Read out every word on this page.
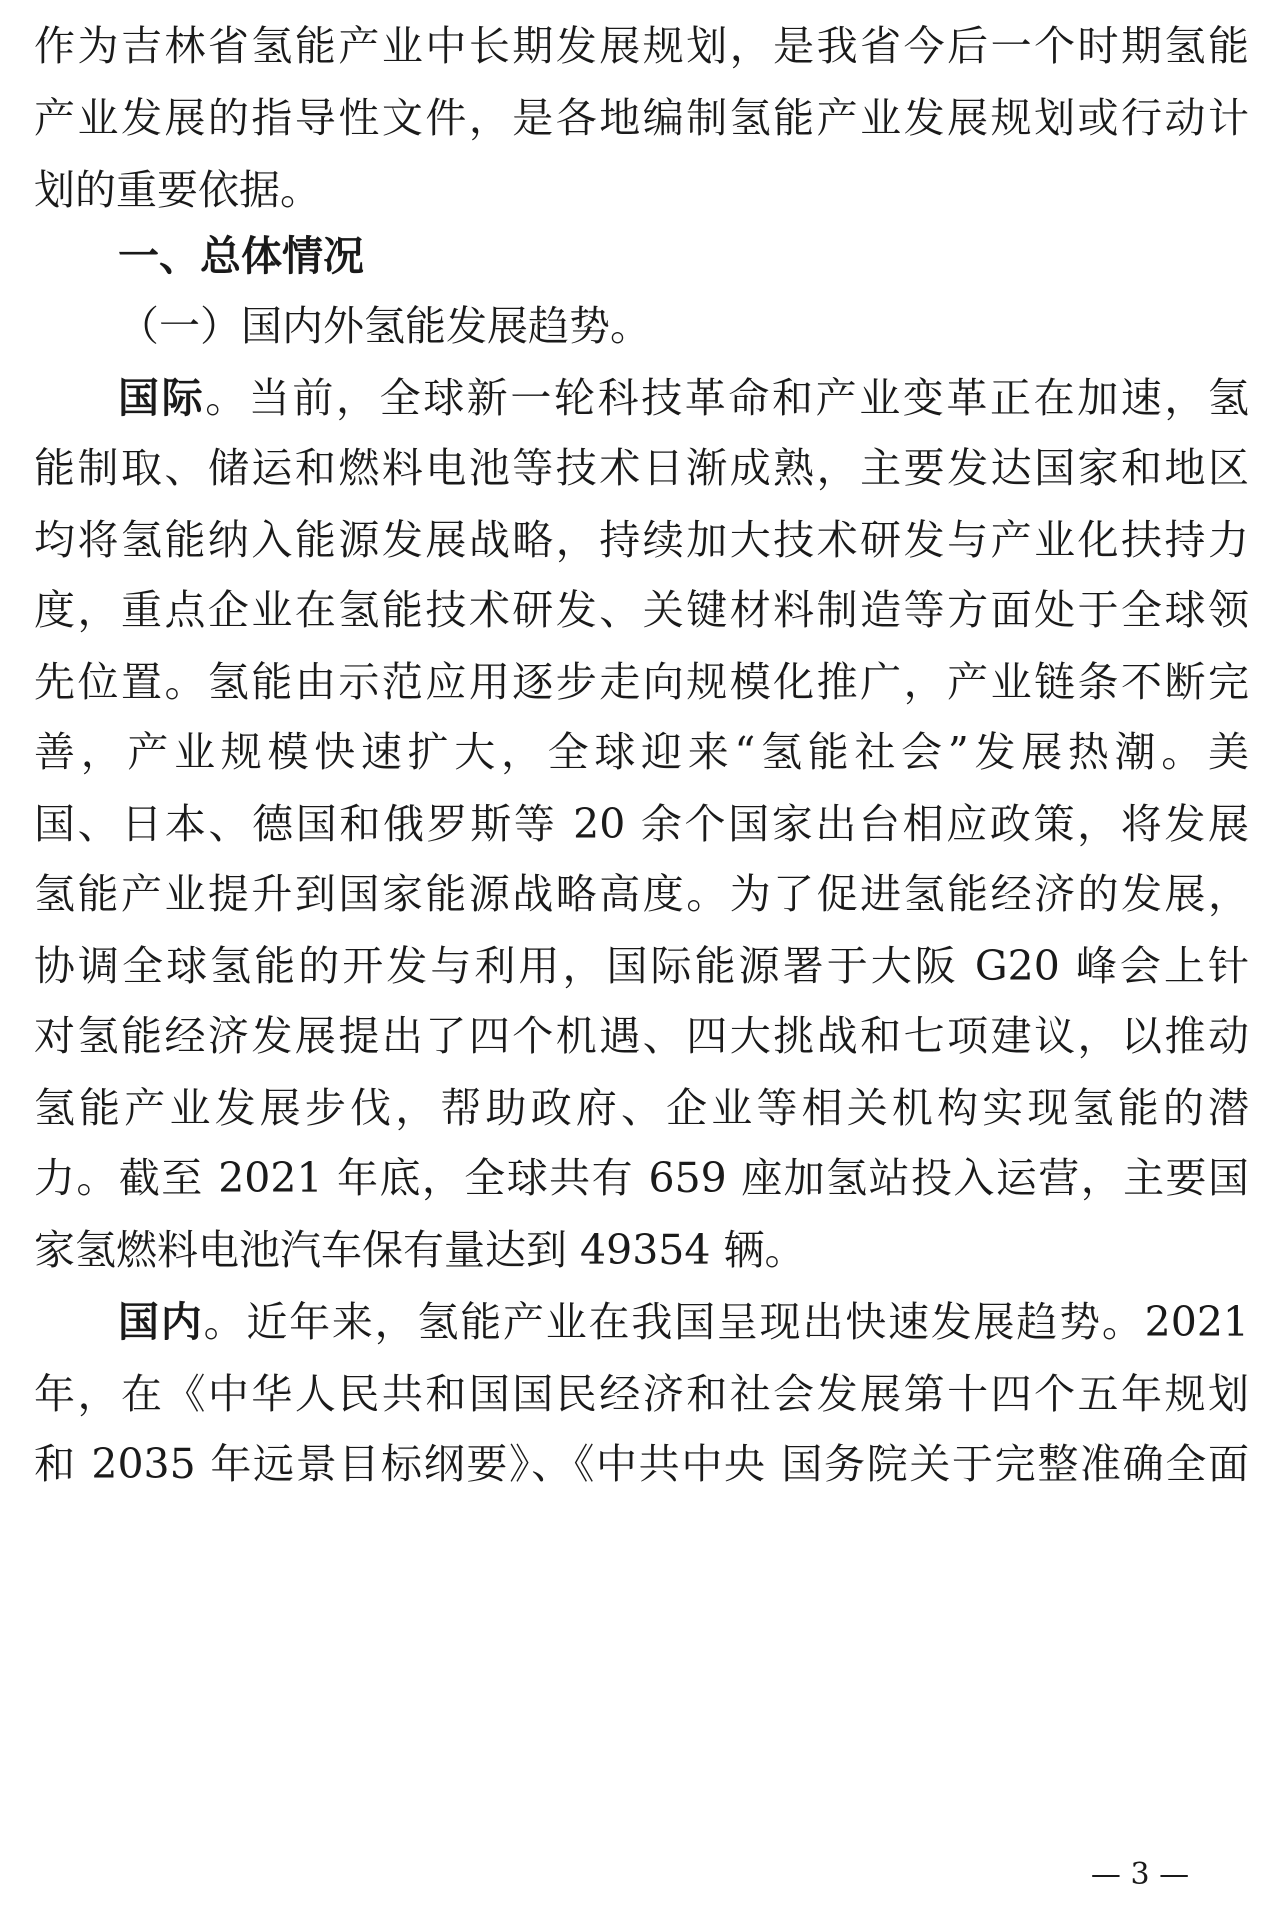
作为吉林省氢能产业中长期发展规划，是我省今后一个时期氢能
产业发展的指导性文件，是各地编制氢能产业发展规划或行动计
划的重要依据。
一、总体情况
（一）国内外氢能发展趋势。
国际。当前，全球新一轮科技革命和产业变革正在加速，氢
能制取、储运和燃料电池等技术日渐成熟，主要发达国家和地区
均将氢能纳入能源发展战略，持续加大技术研发与产业化扶持力
度，重点企业在氢能技术研发、关键材料制造等方面处于全球领
先位置。氢能由示范应用逐步走向规模化推广，产业链条不断完
善，产业规模快速扩大，全球迎来“氢能社会”发展热潮。美
国、日本、德国和俄罗斯等 20 余个国家出台相应政策，将发展
氢能产业提升到国家能源战略高度。为了促进氢能经济的发展，
协调全球氢能的开发与利用，国际能源署于大阪 G20 峰会上针
对氢能经济发展提出了四个机遇、四大挑战和七项建议，以推动
氢能产业发展步伐，帮助政府、企业等相关机构实现氢能的潜
力。截至 2021 年底，全球共有 659 座加氢站投入运营，主要国
家氢燃料电池汽车保有量达到 49354 辆。
国内。近年来，氢能产业在我国呈现出快速发展趋势。2021
年，在《中华人民共和国国民经济和社会发展第十四个五年规划
和 2035 年远景目标纲要》、《中共中央 国务院关于完整准确全面
— 3 —
